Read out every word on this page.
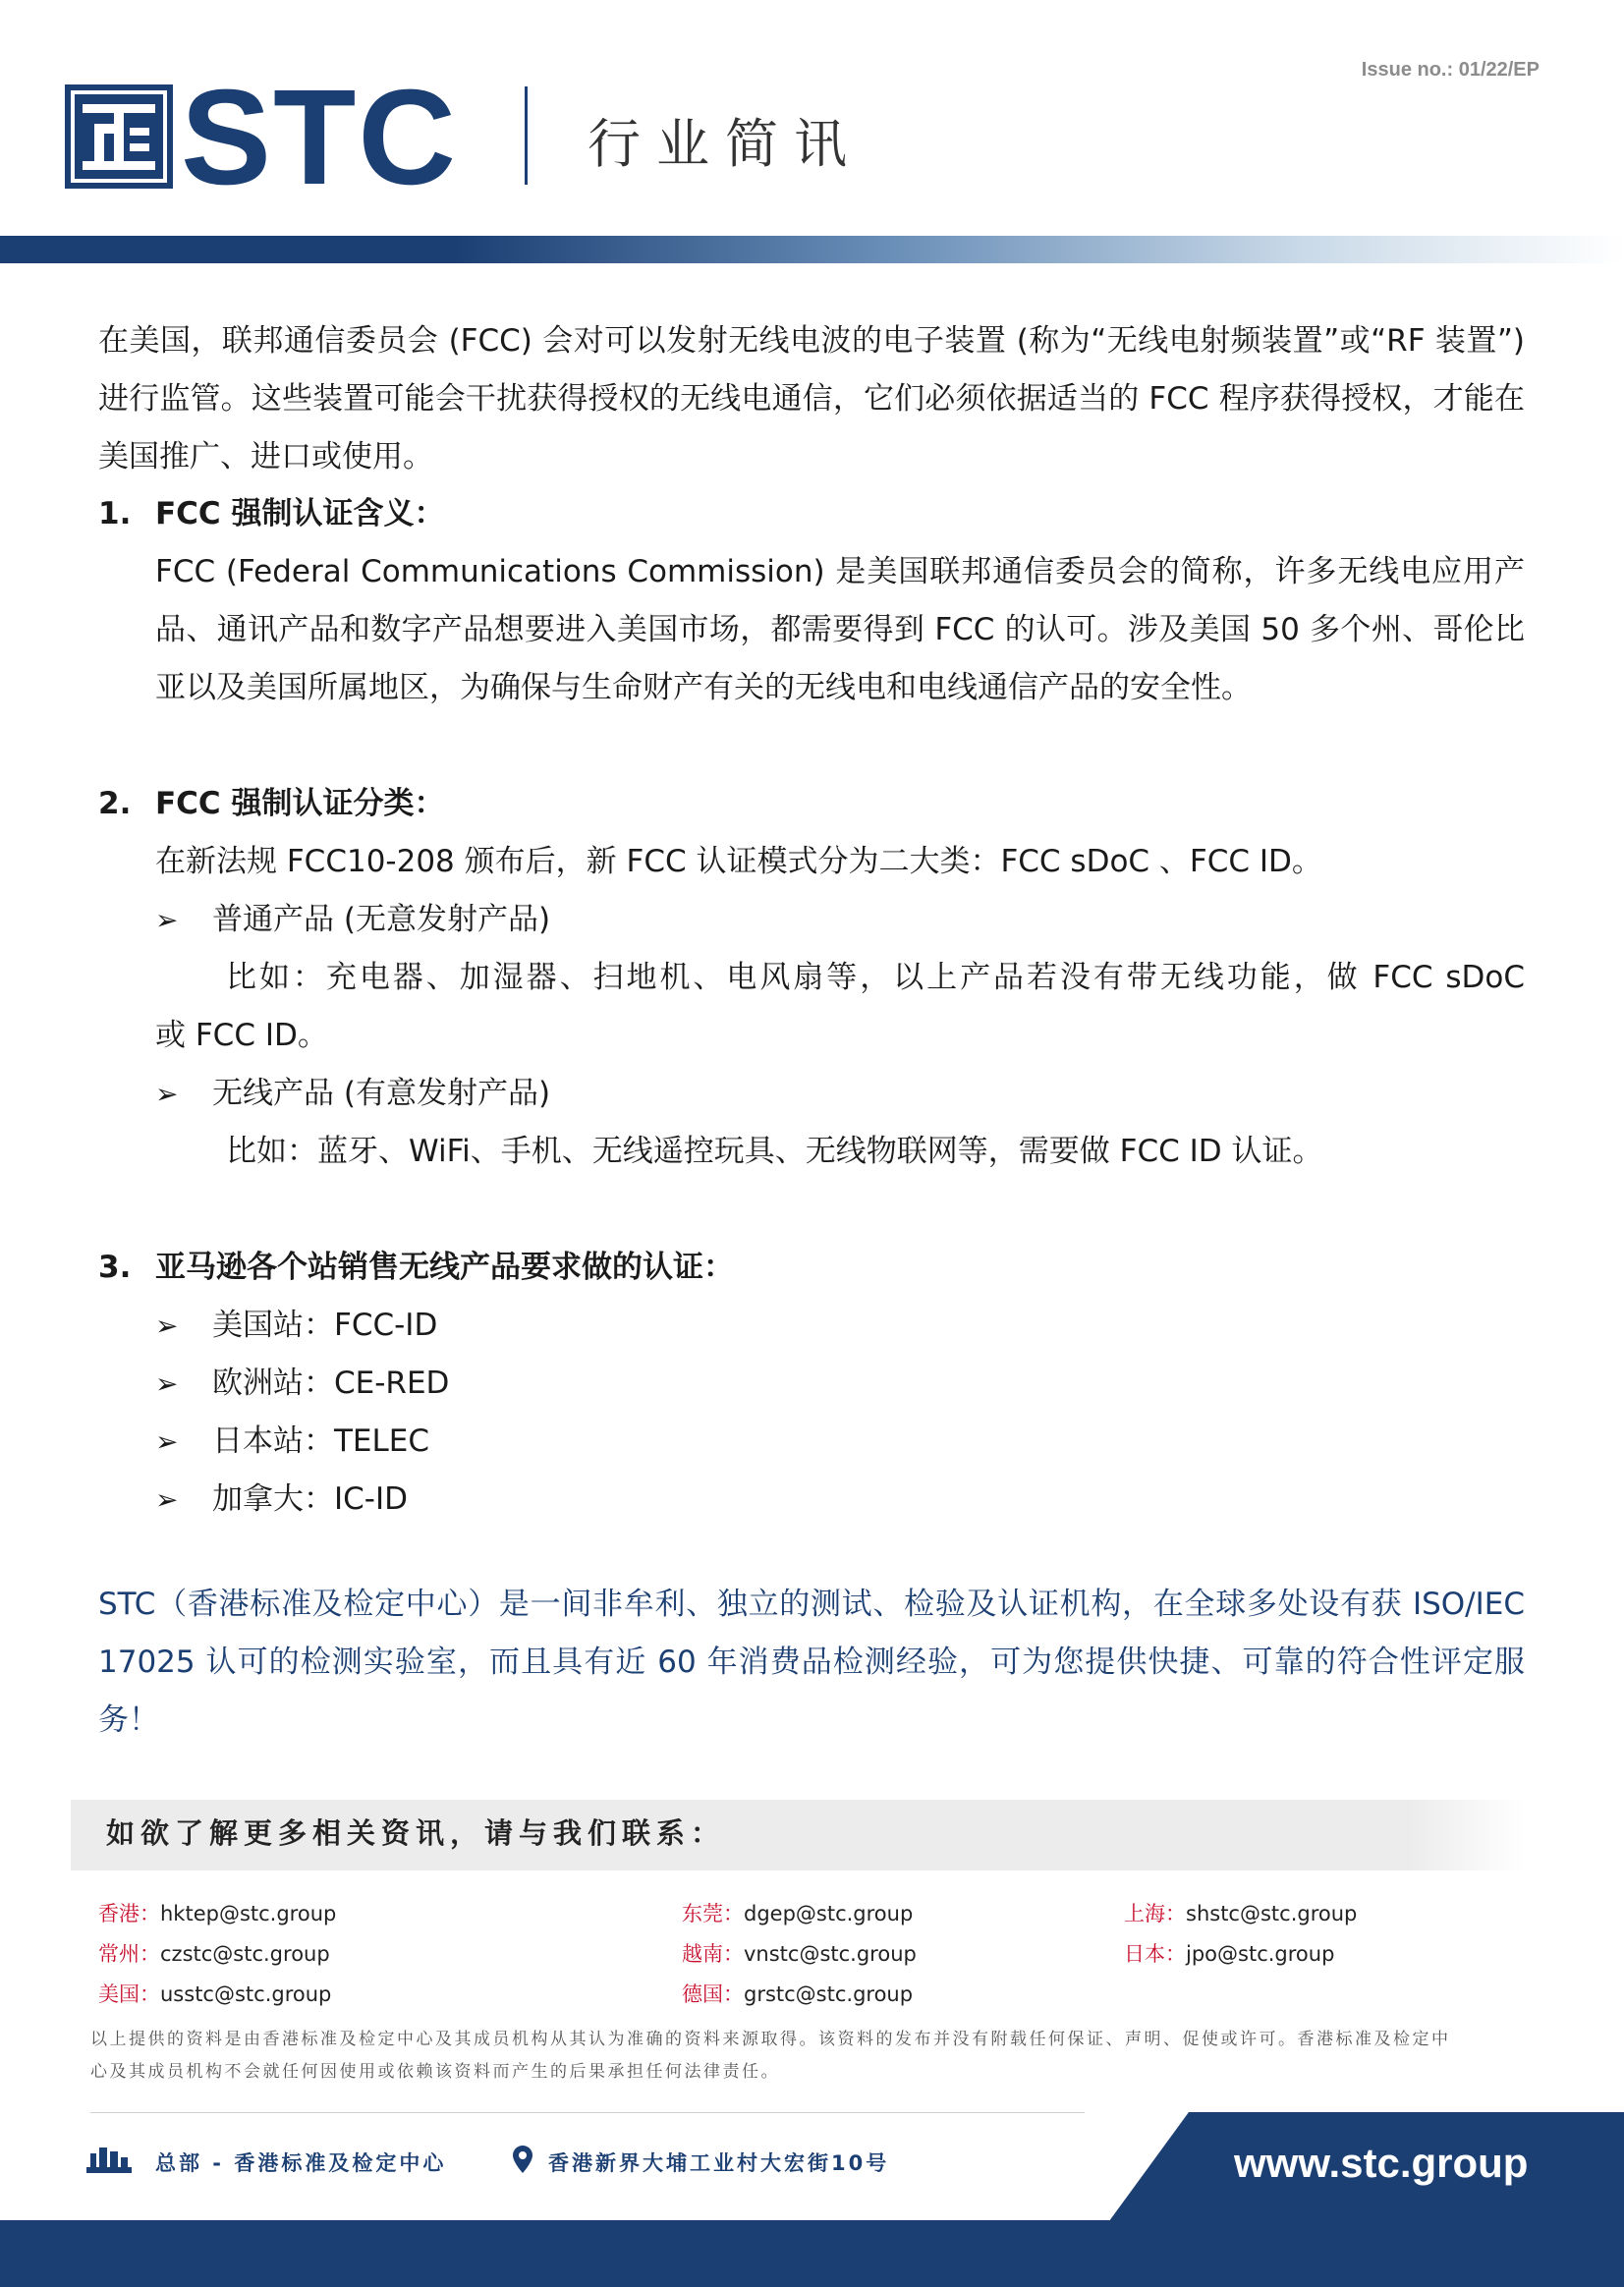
Issue no.: 01/22/EP
STC 行业简讯
在美国，联邦通信委员会 (FCC) 会对可以发射无线电波的电子装置 (称为“无线电射频装置”或“RF 装置”) 进行监管。这些装置可能会干扰获得授权的无线电通信，它们必须依据适当的 FCC 程序获得授权，才能在美国推广、进口或使用。
1. FCC 强制认证含义：
FCC (Federal Communications Commission) 是美国联邦通信委员会的简称，许多无线电应用产品、通讯产品和数字产品想要进入美国市场，都需要得到 FCC 的认可。涉及美国 50 多个州、哥伦比亚以及美国所属地区，为确保与生命财产有关的无线电和电线通信产品的安全性。
2. FCC 强制认证分类：
在新法规 FCC10-208 颁布后，新 FCC 认证模式分为二大类：FCC sDoC 、FCC ID。
➢ 普通产品 (无意发射产品)
比如：充电器、加湿器、扫地机、电风扇等，以上产品若没有带无线功能，做 FCC sDoC
或 FCC ID。
➢ 无线产品 (有意发射产品)
比如：蓝牙、WiFi、手机、无线遥控玩具、无线物联网等，需要做 FCC ID 认证。
3. 亚马逊各个站销售无线产品要求做的认证：
➢ 美国站：FCC-ID
➢ 欧洲站：CE-RED
➢ 日本站：TELEC
➢ 加拿大：IC-ID
STC（香港标准及检定中心）是一间非牟利、独立的测试、检验及认证机构，在全球多处设有获 ISO/IEC 17025 认可的检测实验室，而且具有近 60 年消费品检测经验，可为您提供快捷、可靠的符合性评定服务！
如欲了解更多相关资讯，请与我们联系：
香港：hktep@stc.group
常州：czstc@stc.group
美国：usstc@stc.group
东莞：dgep@stc.group
越南：vnstc@stc.group
德国：grstc@stc.group
上海：shstc@stc.group
日本：jpo@stc.group
以上提供的资料是由香港标准及检定中心及其成员机构从其认为准确的资料来源取得。该资料的发布并没有附载任何保证、声明、促使或许可。香港标准及检定中心及其成员机构不会就任何因使用或依赖该资料而产生的后果承担任何法律责任。
总部 - 香港标准及检定中心	香港新界大埔工业村大宏街10号	www.stc.group
